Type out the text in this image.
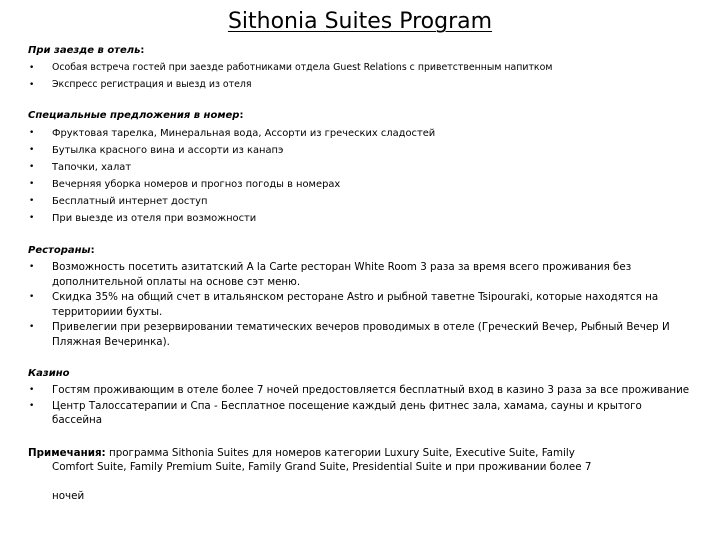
Sithonia Suites Program

При заезде в отель:

• Особая встреча гостей при заезде работниками отдела Guest Relations с приветственным напитком
• Экспресс регистрация и выезд из отеля

Специальные предложения в номер:

• Фруктовая тарелка, Минеральная вода, Ассорти из греческих сладостей
• Бутылка красного вина и ассорти из канапэ
• Тапочки, халат
• Вечерняя уборка номеров и прогноз погоды в номерах
• Бесплатный интернет доступ
• При выезде из отеля при возможности

Рестораны:

• Возможность посетить азитатский A la Carte ресторан White Room 3 раза за время всего проживания без дополнительной оплаты на основе сэт меню.
• Скидка 35% на общий счет в итальянском ресторане Astro и рыбной таветне Tsipouraki, которые находятся на территориии бухты.
• Привелегии при резервировании тематических вечеров проводимых в отеле (Греческий Вечер, Рыбный Вечер И Пляжная Вечеринка).

Казино

• Гостям проживающим в отеле более 7 ночей предостовляется бесплатный вход в казино 3 раза за все проживание
• Центр Талоссатерапии и Спа - Бесплатное посещение каждый день фитнес зала, хамама, сауны и крытого бассейна

Примечания: программа Sithonia Suites для номеров категории Luxury Suite, Executive Suite, Family
Comfort Suite, Family Premium Suite, Family Grand Suite, Presidential Suite и при проживании более 7
ночей
